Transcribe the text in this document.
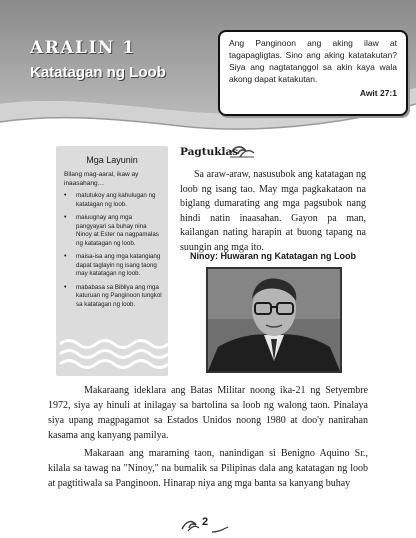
ARALIN 1
Katatagan ng Loob

Ang Panginoon ang aking ilaw at tagapagligtas. Sino ang aking katatakutan? Siya ang nagtatanggol sa akin kaya wala akong dapat katakutan.

Awit 27:1
Mga Layunin
Bilang mag-aaral, ikaw ay inaasahang…
• matutukoy ang kahulugan ng katatagan ng loob.
• maiuugnay ang mga pangyayari sa buhay nina Ninoy at Ester na nagpamalas ng katatagan ng loob.
• maisa-isa ang mga katangiang dapat taglayin ng isang taong may katatagan ng loob.
• mababasa sa Bibliya ang mga katuruan ng Panginoon tungkol sa katatagan ng loob.
Pagtuklas

Sa araw-araw, nasusubok ang katatagan ng loob ng isang tao. May mga pagkakataon na biglang dumarating ang mga pagsubok nang hindi natin inaasahan. Gayon pa man, kailangan nating harapin at buong tapang na suungin ang mga ito.

Ninoy: Huwaran ng Katatagan ng Loob

Makaraang ideklara ang Batas Militar noong ika-21 ng Setyembre 1972, siya ay hinuli at inilagay sa bartolina sa loob ng walong taon. Pinalaya siya upang magpagamot sa Estados Unidos noong 1980 at doo'y nanirahan kasama ang kanyang pamilya.

Makaraan ang maraming taon, nanindigan si Benigno Aquino Sr., kilala sa tawag na "Ninoy," na bumalik sa Pilipinas dala ang katatagan ng loob at pagtitiwala sa Panginoon. Hinarap niya ang mga banta sa kanyang buhay

2
